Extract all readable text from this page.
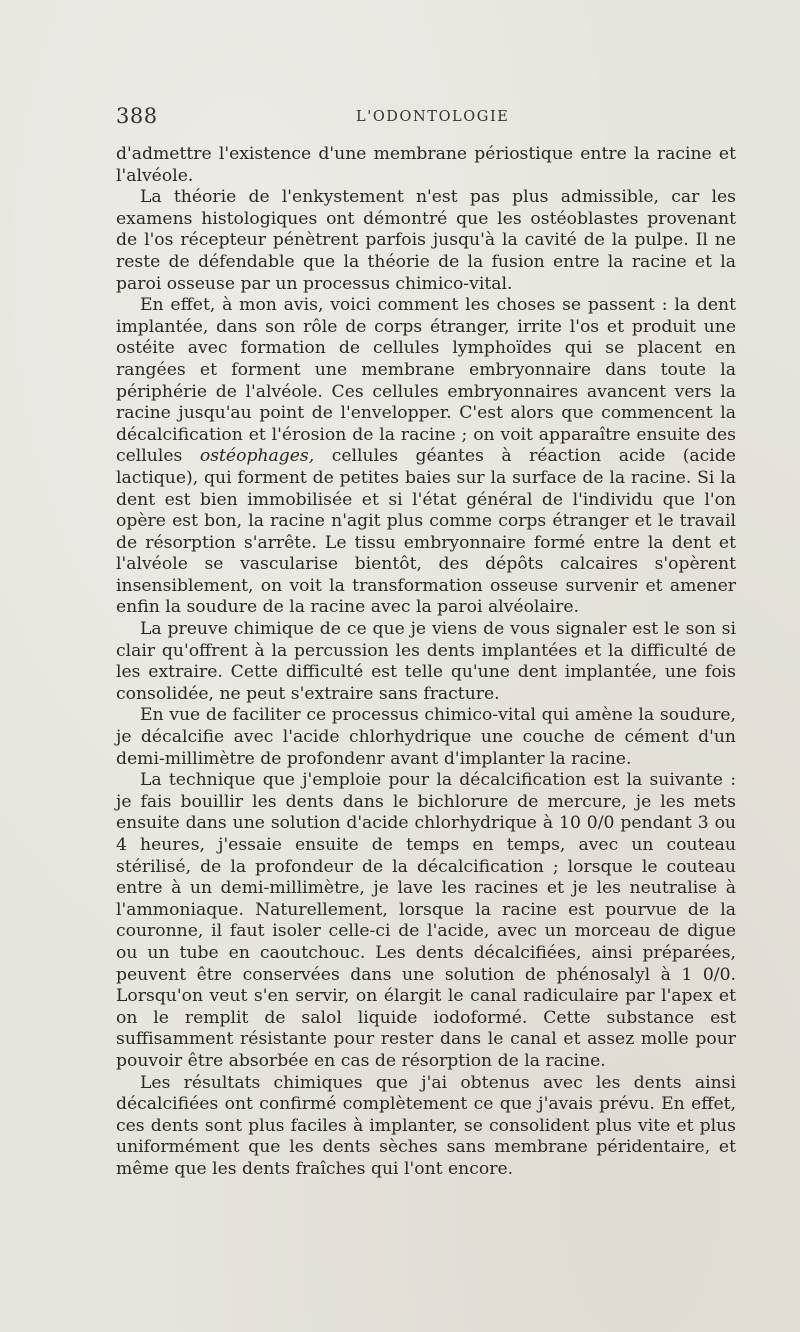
388	L'ODONTOLOGIE

d'admettre l'existence d'une membrane périostique entre la racine et l'alvéole.

La théorie de l'enkystement n'est pas plus admissible, car les examens histologiques ont démontré que les ostéoblastes provenant de l'os récepteur pénètrent parfois jusqu'à la cavité de la pulpe. Il ne reste de défendable que la théorie de la fusion entre la racine et la paroi osseuse par un processus chimico-vital.

En effet, à mon avis, voici comment les choses se passent : la dent implantée, dans son rôle de corps étranger, irrite l'os et produit une ostéite avec formation de cellules lymphoïdes qui se placent en rangées et forment une membrane embryonnaire dans toute la périphérie de l'alvéole. Ces cellules embryonnaires avancent vers la racine jusqu'au point de l'envelopper. C'est alors que commencent la décalcification et l'érosion de la racine ; on voit apparaître ensuite des cellules ostéophages, cellules géantes à réaction acide (acide lactique), qui forment de petites baies sur la surface de la racine. Si la dent est bien immobilisée et si l'état général de l'individu que l'on opère est bon, la racine n'agit plus comme corps étranger et le travail de résorption s'arrête. Le tissu embryonnaire formé entre la dent et l'alvéole se vascularise bientôt, des dépôts calcaires s'opèrent insensiblement, on voit la transformation osseuse survenir et amener enfin la soudure de la racine avec la paroi alvéolaire.

La preuve chimique de ce que je viens de vous signaler est le son si clair qu'offrent à la percussion les dents implantées et la difficulté de les extraire. Cette difficulté est telle qu'une dent implantée, une fois consolidée, ne peut s'extraire sans fracture.

En vue de faciliter ce processus chimico-vital qui amène la soudure, je décalcifie avec l'acide chlorhydrique une couche de cément d'un demi-millimètre de profondenr avant d'implanter la racine.

La technique que j'emploie pour la décalcification est la suivante : je fais bouillir les dents dans le bichlorure de mercure, je les mets ensuite dans une solution d'acide chlorhydrique à 10 0/0 pendant 3 ou 4 heures, j'essaie ensuite de temps en temps, avec un couteau stérilisé, de la profondeur de la décalcification ; lorsque le couteau entre à un demi-millimètre, je lave les racines et je les neutralise à l'ammoniaque. Naturellement, lorsque la racine est pourvue de la couronne, il faut isoler celle-ci de l'acide, avec un morceau de digue ou un tube en caoutchouc. Les dents décalcifiées, ainsi préparées, peuvent être conservées dans une solution de phénosalyl à 1 0/0. Lorsqu'on veut s'en servir, on élargit le canal radiculaire par l'apex et on le remplit de salol liquide iodoformé. Cette substance est suffisamment résistante pour rester dans le canal et assez molle pour pouvoir être absorbée en cas de résorption de la racine.

Les résultats chimiques que j'ai obtenus avec les dents ainsi décalcifiées ont confirmé complètement ce que j'avais prévu. En effet, ces dents sont plus faciles à implanter, se consolident plus vite et plus uniformément que les dents sèches sans membrane péridentaire, et même que les dents fraîches qui l'ont encore.
